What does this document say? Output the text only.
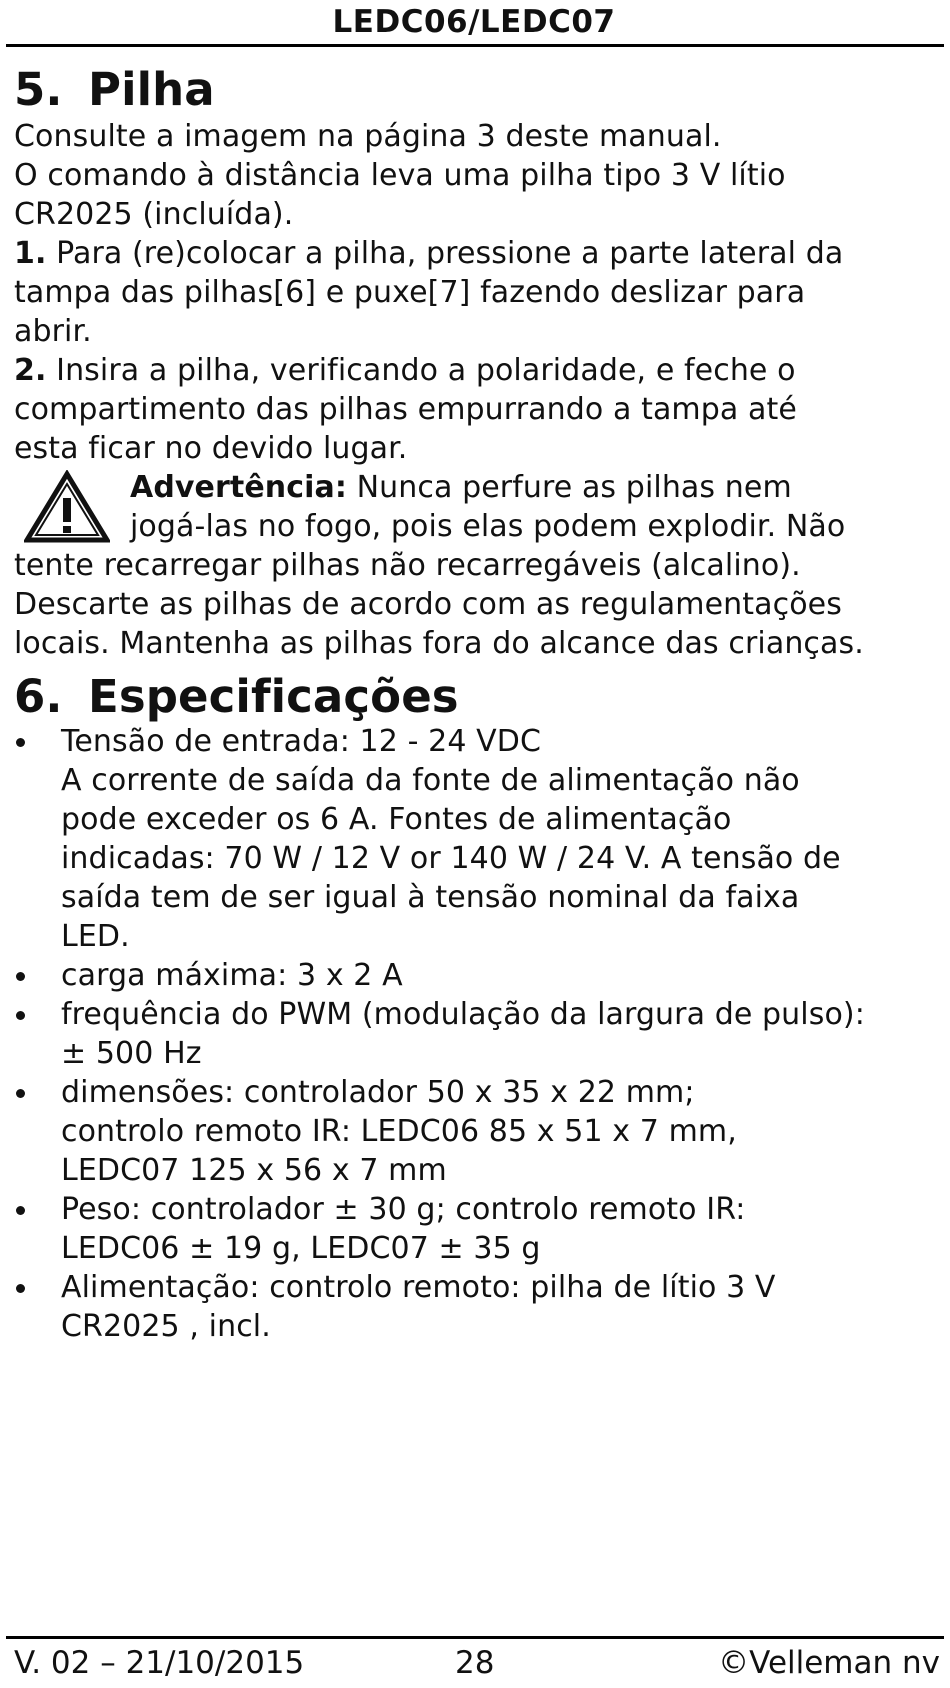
LEDC06/LEDC07
5. Pilha

Consulte a imagem na página 3 deste manual.

O comando à distância leva uma pilha tipo 3 V lítio

CR2025 (incluída).

1. Para (re)colocar a pilha, pressione a parte lateral da

tampa das pilhas[6] e puxe[7] fazendo deslizar para

abrir.

2. Insira a pilha, verificando a polaridade, e feche o

compartimento das pilhas empurrando a tampa até

esta ficar no devido lugar.

Advertência: Nunca perfure as pilhas nem

jogá-las no fogo, pois elas podem explodir. Não

tente recarregar pilhas não recarregáveis (alcalino).

Descarte as pilhas de acordo com as regulamentações

locais. Mantenha as pilhas fora do alcance das crianças.

6. Especificações
Tensão de entrada: 12 - 24 VDC
A corrente de saída da fonte de alimentação não
pode exceder os 6 A. Fontes de alimentação
indicadas: 70 W / 12 V or 140 W / 24 V. A tensão de
saída tem de ser igual à tensão nominal da faixa
LED.
carga máxima: 3 x 2 A
frequência do PWM (modulação da largura de pulso):
± 500 Hz
dimensões: controlador 50 x 35 x 22 mm;
controlo remoto IR: LEDC06 85 x 51 x 7 mm,
LEDC07 125 x 56 x 7 mm
Peso: controlador ± 30 g; controlo remoto IR:
LEDC06 ± 19 g, LEDC07 ± 35 g
Alimentação: controlo remoto: pilha de lítio 3 V
CR2025 , incl.
V. 02 – 21/10/2015	28	©Velleman nv
